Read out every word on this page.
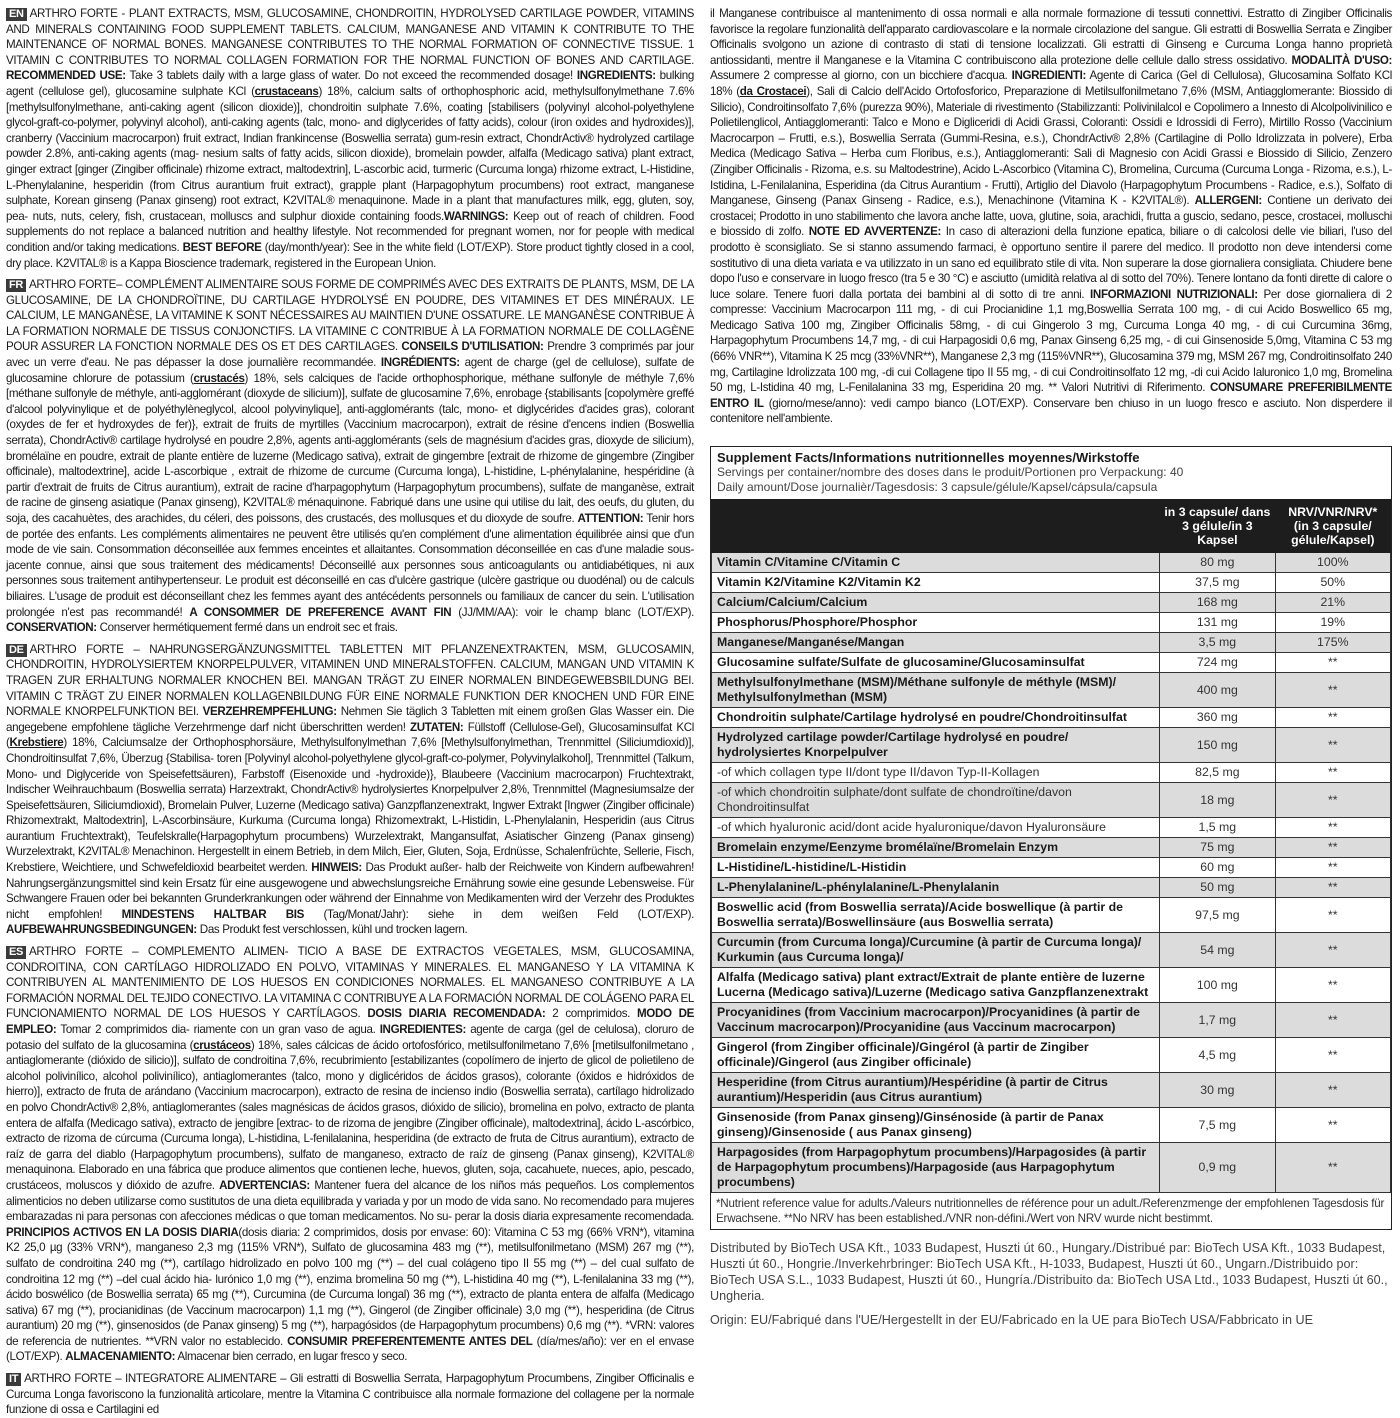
EN ARTHRO FORTE - PLANT EXTRACTS, MSM, GLUCOSAMINE, CHONDROITIN, HYDROLYSED CARTILAGE POWDER, VITAMINS AND MINERALS CONTAINING FOOD SUPPLEMENT TABLETS. CALCIUM, MANGANESE AND VITAMIN K CONTRIBUTE TO THE MAINTENANCE OF NORMAL BONES. MANGANESE CONTRIBUTES TO THE NORMAL FORMATION OF CONNECTIVE TISSUE. 1 VITAMIN C CONTRIBUTES TO NORMAL COLLAGEN FORMATION FOR THE NORMAL FUNCTION OF BONES AND CARTILAGE. RECOMMENDED USE: Take 3 tablets daily with a large glass of water. Do not exceed the recommended dosage! INGREDIENTS: bulking agent (cellulose gel), glucosamine sulphate KCl (crustaceans) 18%, calcium salts of orthophosphoric acid, methylsulfonylmethane 7.6% [methylsulfonylmethane, anti-caking agent (silicon dioxide)], chondroitin sulphate 7.6%, coating [stabilisers (polyvinyl alcohol-polyethylene glycol-graft-co-polymer, polyvinyl alcohol), anti-caking agents (talc, mono- and diglycerides of fatty acids), colour (iron oxides and hydroxides)], cranberry (Vaccinium macrocarpon) fruit extract, Indian frankincense (Boswellia serrata) gum-resin extract, ChondrActiv® hydrolyzed cartilage powder 2.8%, anti-caking agents (mag- nesium salts of fatty acids, silicon dioxide), bromelain powder, alfalfa (Medicago sativa) plant extract, ginger extract [ginger (Zingiber officinale) rhizome extract, maltodextrin], L-ascorbic acid, turmeric (Curcuma longa) rhizome extract, L-Histidine, L-Phenylalanine, hesperidin (from Citrus aurantium fruit extract), grapple plant (Harpagophytum procumbens) root extract, manganese sulphate, Korean ginseng (Panax ginseng) root extract, K2VITAL® menaquinone. Made in a plant that manufactures milk, egg, gluten, soy, pea- nuts, nuts, celery, fish, crustacean, molluscs and sulphur dioxide containing foods.WARNINGS: Keep out of reach of children. Food supplements do not replace a balanced nutrition and healthy lifestyle. Not recommended for pregnant women, nor for people with medical condition and/or taking medications. BEST BEFORE (day/month/year): See in the white field (LOT/EXP). Store product tightly closed in a cool, dry place. K2VITAL® is a Kappa Bioscience trademark, registered in the European Union.

FR ARTHRO FORTE– COMPLÉMENT ALIMENTAIRE SOUS FORME DE COMPRIMÉS AVEC DES EXTRAITS DE PLANTS, MSM, DE LA GLUCOSAMINE, DE LA CHONDROÏTINE, DU CARTILAGE HYDROLYSÉ EN POUDRE, DES VITAMINES ET DES MINÉRAUX. LE CALCIUM, LE MANGANÈSE, LA VITAMINE K SONT NÉCESSAIRES AU MAINTIEN D'UNE OSSATURE. LE MANGANÈSE CONTRIBUE À LA FORMATION NORMALE DE TISSUS CONJONCTIFS. LA VITAMINE C CONTRIBUE À LA FORMATION NORMALE DE COLLAGÈNE POUR ASSURER LA FONCTION NORMALE DES OS ET DES CARTILAGES. CONSEILS D'UTILISATION: Prendre 3 comprimés par jour avec un verre d'eau. Ne pas dépasser la dose journalière recommandée. INGRÉDIENTS: agent de charge (gel de cellulose), sulfate de glucosamine chlorure de potassium (crustacés) 18%, sels calciques de l'acide orthophosphorique, méthane sulfonyle de méthyle 7,6% [méthane sulfonyle de méthyle, anti-agglomérant (dioxyde de silicium)], sulfate de glucosamine 7,6%, enrobage {stabilisants [copolymère greffé d'alcool polyvinylique et de polyéthylèneglycol, alcool polyvinylique], anti-agglomérants (talc, mono- et diglycérides d'acides gras), colorant (oxydes de fer et hydroxydes de fer)}, extrait de fruits de myrtilles (Vaccinium macrocarpon), extrait de résine d'encens indien (Boswellia serrata), ChondrActiv® cartilage hydrolysé en poudre 2,8%, agents anti-agglomérants (sels de magnésium d'acides gras, dioxyde de silicium), bromélaïne en poudre, extrait de plante entière de luzerne (Medicago sativa), extrait de gingembre [extrait de rhizome de gingembre (Zingiber officinale), maltodextrine], acide L-ascorbique , extrait de rhizome de curcume (Curcuma longa), L-histidine, L-phénylalanine, hespéridine (à partir d'extrait de fruits de Citrus aurantium), extrait de racine d'harpagophytum (Harpagophytum procumbens), sulfate de manganèse, extrait de racine de ginseng asiatique (Panax ginseng), K2VITAL® ménaquinone. Fabriqué dans une usine qui utilise du lait, des oeufs, du gluten, du soja, des cacahuètes, des arachides, du céleri, des poissons, des crustacés, des mollusques et du dioxyde de soufre. ATTENTION: Tenir hors de portée des enfants. Les compléments alimentaires ne peuvent être utilisés qu'en complément d'une alimentation équilibrée ainsi que d'un mode de vie sain. Consommation déconseillée aux femmes enceintes et allaitantes. Consommation déconseillée en cas d'une maladie sous-jacente connue, ainsi que sous traitement des médicaments! Déconseillé aux personnes sous anticoagulants ou antidiabétiques, ni aux personnes sous traitement antihypertenseur. Le produit est déconseillé en cas d'ulcère gastrique (ulcère gastrique ou duodénal) ou de calculs biliaires. L'usage de produit est déconseillant chez les femmes ayant des antécédents personnels ou familiaux de cancer du sein. L'utilisation prolongée n'est pas recommandé! A CONSOMMER DE PREFERENCE AVANT FIN (JJ/MM/AA): voir le champ blanc (LOT/EXP). CONSERVATION: Conserver hermétiquement fermé dans un endroit sec et frais.

DE ARTHRO FORTE – NAHRUNGSERGÄNZUNGSMITTEL TABLETTEN MIT PFLANZENEXTRAKTEN, MSM, GLUCOSAMIN, CHONDROITIN, HYDROLYSIERTEM KNORPELPULVER, VITAMINEN UND MINERALSTOFFEN. CALCIUM, MANGAN UND VITAMIN K TRAGEN ZUR ERHALTUNG NORMALER KNOCHEN BEI. MANGAN TRÄGT ZU EINER NORMALEN BINDEGEWEBSBILDUNG BEI. VITAMIN C TRÄGT ZU EINER NORMALEN KOLLAGENBILDUNG FÜR EINE NORMALE FUNKTION DER KNOCHEN UND FÜR EINE NORMALE KNORPELFUNKTION BEI. VERZEHREMPFEHLUNG: Nehmen Sie täglich 3 Tabletten mit einem großen Glas Wasser ein. Die angegebene empfohlene tägliche Verzehrmenge darf nicht überschritten werden! ZUTATEN: Füllstoff (Cellulose-Gel), Glucosaminsulfat KCl (Krebstiere) 18%, Calciumsalze der Orthophosphorsäure, Methylsulfonylmethan 7,6% [Methylsulfonylmethan, Trennmittel (Siliciumdioxid)], Chondroitinsulfat 7,6%, Überzug {Stabilisa- toren [Polyvinyl alcohol-polyethylene glycol-graft-co-polymer, Polyvinylalkohol], Trennmittel (Talkum, Mono- und Diglyceride von Speisefettsäuren), Farbstoff (Eisenoxide und -hydroxide)}, Blaubeere (Vaccinium macrocarpon) Fruchtextrakt, Indischer Weihrauchbaum (Boswellia serrata) Harzextrakt, ChondrActiv® hydrolysiertes Knorpelpulver 2,8%, Trennmittel (Magnesiumsalze der Speisefettsäuren, Siliciumdioxid), Bromelain Pulver, Luzerne (Medicago sativa) Ganzpflanzenextrakt, Ingwer Extrakt [Ingwer (Zingiber officinale) Rhizomextrakt, Maltodextrin], L-Ascorbinsäure, Kurkuma (Curcuma longa) Rhizomextrakt, L-Histidin, L-Phenylalanin, Hesperidin (aus Citrus aurantium Fruchtextrakt), Teufelskralle(Harpagophytum procumbens) Wurzelextrakt, Mangansulfat, Asiatischer Ginzeng (Panax ginseng) Wurzelextrakt, K2VITAL® Menachinon. Hergestellt in einem Betrieb, in dem Milch, Eier, Gluten, Soja, Erdnüsse, Schalenfrüchte, Sellerie, Fisch, Krebstiere, Weichtiere, und Schwefeldioxid bearbeitet werden. HINWEIS: Das Produkt außer- halb der Reichweite von Kindern aufbewahren! Nahrungsergänzungsmittel sind kein Ersatz für eine ausgewogene und abwechslungsreiche Ernährung sowie eine gesunde Lebensweise. Für Schwangere Frauen oder bei bekannten Grunderkrankungen oder während der Einnahme von Medikamenten wird der Verzehr des Produktes nicht empfohlen! MINDESTENS HALTBAR BIS (Tag/Monat/Jahr): siehe in dem weißen Feld (LOT/EXP). AUFBEWAHRUNGSBEDINGUNGEN: Das Produkt fest verschlossen, kühl und trocken lagern.

ES ARTHRO FORTE – COMPLEMENTO ALIMEN- TICIO A BASE DE EXTRACTOS VEGETALES, MSM, GLUCOSAMINA, CONDROITINA, CON CARTÍLAGO HIDROLIZADO EN POLVO, VITAMINAS Y MINERALES. EL MANGANESO Y LA VITAMINA K CONTRIBUYEN AL MANTENIMIENTO DE LOS HUESOS EN CONDICIONES NORMALES. EL MANGANESO CONTRIBUYE A LA FORMACIÓN NORMAL DEL TEJIDO CONECTIVO. LA VITAMINA C CONTRIBUYE A LA FORMACIÓN NORMAL DE COLÁGENO PARA EL FUNCIONAMIENTO NORMAL DE LOS HUESOS Y CARTÍLAGOS. DOSIS DIARIA RECOMENDADA: 2 comprimidos. MODO DE EMPLEO: Tomar 2 comprimidos dia- riamente con un gran vaso de agua. INGREDIENTES: agente de carga (gel de celulosa), cloruro de potasio del sulfato de la glucosamina (crustáceos) 18%, sales cálcicas de ácido ortofosfórico, metilsulfonilmetano 7,6% [metilsulfonilmetano , antiaglomerante (dióxido de silicio)], sulfato de condroitina 7,6%, recubrimiento [estabilizantes (copolímero de injerto de glicol de polietileno de alcohol polivinílico, alcohol polivinílico), antiaglomerantes (talco, mono y diglicéridos de ácidos grasos), colorante (óxidos e hidróxidos de hierro)], extracto de fruta de arándano (Vaccinium macrocarpon), extracto de resina de incienso indio (Boswellia serrata), cartílago hidrolizado en polvo ChondrActiv® 2,8%, antiaglomerantes (sales magnésicas de ácidos grasos, dióxido de silicio), bromelina en polvo, extracto de planta entera de alfalfa (Medicago sativa), extracto de jengibre [extrac- to de rizoma de jengibre (Zingiber officinale), maltodextrina], ácido L-ascórbico, extracto de rizoma de cúrcuma (Curcuma longa), L-histidina, L-fenilalanina, hesperidina (de extracto de fruta de Citrus aurantium), extracto de raíz de garra del diablo (Harpagophytum procumbens), sulfato de manganeso, extracto de raíz de ginseng (Panax ginseng), K2VITAL® menaquinona. Elaborado en una fábrica que produce alimentos que contienen leche, huevos, gluten, soja, cacahuete, nueces, apio, pescado, crustáceos, moluscos y dióxido de azufre. ADVERTENCIAS: Mantener fuera del alcance de los niños más pequeños. Los complementos alimenticios no deben utilizarse como sustitutos de una dieta equilibrada y variada y por un modo de vida sano. No recomendado para mujeres embarazadas ni para personas con afecciones médicas o que toman medicamentos. No su- perar la dosis diaria expresamente recomendada. PRINCIPIOS ACTIVOS EN LA DOSIS DIARIA(dosis diaria: 2 comprimidos, dosis por envase: 60): Vitamina C 53 mg (66% VRN*), vitamina K2 25,0 µg (33% VRN*), manganeso 2,3 mg (115% VRN*), Sulfato de glucosamina 483 mg (**), metilsulfonilmetano (MSM) 267 mg (**), sulfato de condroitina 240 mg (**), cartílago hidrolizado en polvo 100 mg (**) – del cual colágeno tipo II 55 mg (**) – del cual sulfato de condroitina 12 mg (**) –del cual ácido hia- lurónico 1,0 mg (**), enzima bromelina 50 mg (**), L-histidina 40 mg (**), L-fenilalanina 33 mg (**), ácido boswélico (de Boswellia serrata) 65 mg (**), Curcumina (de Curcuma longal) 36 mg (**), extracto de planta entera de alfalfa (Medicago sativa) 67 mg (**), procianidinas (de Vaccinum macrocarpon) 1,1 mg (**), Gingerol (de Zingiber officinale) 3,0 mg (**), hesperidina (de Citrus aurantium) 20 mg (**), ginsenosidos (de Panax ginseng) 5 mg (**), harpagósidos (de Harpagophytum procumbens) 0,6 mg (**). *VRN: valores de referencia de nutrientes. **VRN valor no establecido. CONSUMIR PREFERENTEMENTE ANTES DEL (día/mes/año): ver en el envase (LOT/EXP). ALMACENAMIENTO: Almacenar bien cerrado, en lugar fresco y seco.

IT ARTHRO FORTE – INTEGRATORE ALIMENTARE – Gli estratti di Boswellia Serrata, Harpagophytum Procumbens, Zingiber Officinalis e Curcuma Longa favoriscono la funzionalità articolare, mentre la Vitamina C contribuisce alla normale formazione del collagene per la normale funzione di ossa e Cartilagini ed

il Manganese contribuisce al mantenimento di ossa normali e alla normale formazione di tessuti connettivi. Estratto di Zingiber Officinalis favorisce la regolare funzionalità dell'apparato cardiovascolare e la normale circolazione del sangue. Gli estratti di Boswellia Serrata e Zingiber Officinalis svolgono un azione di contrasto di stati di tensione localizzati. Gli estratti di Ginseng e Curcuma Longa hanno proprietà antiossidanti, mentre il Manganese e la Vitamina C contribuiscono alla protezione delle cellule dallo stress ossidativo. MODALITÀ D'USO: Assumere 2 compresse al giorno, con un bicchiere d'acqua. INGREDIENTI: Agente di Carica (Gel di Cellulosa), Glucosamina Solfato KCl 18% (da Crostacei), Sali di Calcio dell'Acido Ortofosforico, Preparazione di Metilsulfonilmetano 7,6% (MSM, Antiagglomerante: Biossido di Silicio), Condroitinsolfato 7,6% (purezza 90%), Materiale di rivestimento (Stabilizzanti: Polivinilalcol e Copolimero a Innesto di Alcolpolivinilico e Polietilenglicol, Antiagglomeranti: Talco e Mono e Digliceridi di Acidi Grassi, Coloranti: Ossidi e Idrossidi di Ferro), Mirtillo Rosso (Vaccinium Macrocarpon – Frutti, e.s.), Boswellia Serrata (Gummi-Resina, e.s.), ChondrActiv® 2,8% (Cartilagine di Pollo Idrolizzata in polvere), Erba Medica (Medicago Sativa – Herba cum Floribus, e.s.), Antiagglomeranti: Sali di Magnesio con Acidi Grassi e Biossido di Silicio, Zenzero (Zingiber Officinalis - Rizoma, e.s. su Maltodestrine), Acido L-Ascorbico (Vitamina C), Bromelina, Curcuma (Curcuma Longa - Rizoma, e.s.), L-Istidina, L-Fenilalanina, Esperidina (da Citrus Aurantium - Frutti), Artiglio del Diavolo (Harpagophytum Procumbens - Radice, e.s.), Solfato di Manganese, Ginseng (Panax Ginseng - Radice, e.s.), Menachinone (Vitamina K - K2VITAL®). ALLERGENI: Contiene un derivato dei crostacei; Prodotto in uno stabilimento che lavora anche latte, uova, glutine, soia, arachidi, frutta a guscio, sedano, pesce, crostacei, molluschi e biossido di zolfo. NOTE ED AVVERTENZE: In caso di alterazioni della funzione epatica, biliare o di calcolosi delle vie biliari, l'uso del prodotto è sconsigliato. Se si stanno assumendo farmaci, è opportuno sentire il parere del medico. Il prodotto non deve intendersi come sostitutivo di una dieta variata e va utilizzato in un sano ed equilibrato stile di vita. Non superare la dose giornaliera consigliata. Chiudere bene dopo l'uso e conservare in luogo fresco (tra 5 e 30 °C) e asciutto (umidità relativa al di sotto del 70%). Tenere lontano da fonti dirette di calore o luce solare. Tenere fuori dalla portata dei bambini al di sotto di tre anni. INFORMAZIONI NUTRIZIONALI: Per dose giornaliera di 2 compresse: Vaccinium Macrocarpon 111 mg, - di cui Procianidine 1,1 mg,Boswellia Serrata 100 mg, - di cui Acido Boswellico 65 mg, Medicago Sativa 100 mg, Zingiber Officinalis 58mg, - di cui Gingerolo 3 mg, Curcuma Longa 40 mg, - di cui Curcumina 36mg, Harpagophytum Procumbens 14,7 mg, - di cui Harpagosidi 0,6 mg, Panax Ginseng 6,25 mg, - di cui Ginsenoside 5,0mg, Vitamina C 53 mg (66% VNR**), Vitamina K 25 mcg (33%VNR**), Manganese 2,3 mg (115%VNR**), Glucosamina 379 mg, MSM 267 mg, Condroitinsolfato 240 mg, Cartilagine Idrolizzata 100 mg, -di cui Collagene tipo II 55 mg, - di cui Condroitinsolfato 12 mg, -di cui Acido Ialuronico 1,0 mg, Bromelina 50 mg, L-Istidina 40 mg, L-Fenilalanina 33 mg, Esperidina 20 mg. ** Valori Nutritivi di Riferimento. CONSUMARE PREFERIBILMENTE ENTRO IL (giorno/mese/anno): vedi campo bianco (LOT/EXP). Conservare ben chiuso in un luogo fresco e asciuto. Non disperdere il contenitore nell'ambiente.

Supplement Facts/Informations nutritionnelles moyennes/Wirkstoffe
Servings per container/nombre des doses dans le produit/Portionen pro Verpackung: 40
Daily amount/Dose journalièr/Tagesdosis: 3 capsule/gélule/Kapsel/cápsula/capsula
	in 3 capsule/ dans 3 gélule/in 3 Kapsel	NRV/VNR/NRV* (in 3 capsule/ gélule/Kapsel)
Vitamin C/Vitamine C/Vitamin C	80 mg	100%
Vitamin K2/Vitamine K2/Vitamin K2	37,5 mg	50%
Calcium/Calcium/Calcium	168 mg	21%
Phosphorus/Phosphore/Phosphor	131 mg	19%
Manganese/Manganése/Mangan	3,5 mg	175%
Glucosamine sulfate/Sulfate de glucosamine/Glucosaminsulfat	724 mg	**
Methylsulfonylmethane (MSM)/Méthane sulfonyle de méthyle (MSM)/ Methylsulfonylmethan (MSM)	400 mg	**
Chondroitin sulphate/Cartilage hydrolysé en poudre/Chondroitinsulfat	360 mg	**
Hydrolyzed cartilage powder/Cartilage hydrolysé en poudre/ hydrolysiertes Knorpelpulver	150 mg	**
-of which collagen type II/dont type II/davon Typ-II-Kollagen	82,5 mg	**
-of which chondroitin sulphate/dont sulfate de chondroïtine/davon Chondroitinsulfat	18 mg	**
-of which hyaluronic acid/dont acide hyaluronique/davon Hyaluronsäure	1,5 mg	**
Bromelain enzyme/Eenzyme bromélaïne/Bromelain Enzym	75 mg	**
L-Histidine/L-histidine/L-Histidin	60 mg	**
L-Phenylalanine/L-phénylalanine/L-Phenylalanin	50 mg	**
Boswellic acid (from Boswellia serrata)/Acide boswellique (à partir de Boswellia serrata)/Boswellinsäure (aus Boswellia serrata)	97,5 mg	**
Curcumin (from Curcuma longa)/Curcumine (à partir de Curcuma longa)/ Kurkumin (aus Curcuma longa)/	54 mg	**
Alfalfa (Medicago sativa) plant extract/Extrait de plante entière de luzerne Lucerna (Medicago sativa)/Luzerne (Medicago sativa Ganzpflanzenextrakt	100 mg	**
Procyanidines (from Vaccinium macrocarpon)/Procyanidines (à partir de Vaccinum macrocarpon)/Procyanidine (aus Vaccinum macrocarpon)	1,7 mg	**
Gingerol (from Zingiber officinale)/Gingérol (à partir de Zingiber officinale)/Gingerol (aus Zingiber officinale)	4,5 mg	**
Hesperidine (from Citrus aurantium)/Hespéridine (à partir de Citrus aurantium)/Hesperidin (aus Citrus aurantium)	30 mg	**
Ginsenoside (from Panax ginseng)/Ginsénoside (à partir de Panax ginseng)/Ginsenoside ( aus Panax ginseng)	7,5 mg	**
Harpagosides (from Harpagophytum procumbens)/Harpagosides (à partir de Harpagophytum procumbens)/Harpagoside (aus Harpagophytum procumbens)	0,9 mg	**
*Nutrient reference value for adults./Valeurs nutritionnelles de référence pour un adult./Referenzmenge der empfohlenen Tagesdosis für Erwachsene. **No NRV has been established./VNR non-défini./Wert von NRV wurde nicht bestimmt.

Distributed by BioTech USA Kft., 1033 Budapest, Huszti út 60., Hungary./Distribué par: BioTech USA Kft., 1033 Budapest, Huszti út 60., Hongrie./Inverkehrbringer: BioTech USA Kft., H-1033, Budapest, Huszti út 60., Ungarn./Distribuido por: BioTech USA S.L., 1033 Budapest, Huszti út 60., Hungría./Distribuito da: BioTech USA Ltd., 1033 Budapest, Huszti út 60., Ungheria.

Origin: EU/Fabriqué dans l'UE/Hergestellt in der EU/Fabricado en la UE para BioTech USA/Fabbricato in UE
